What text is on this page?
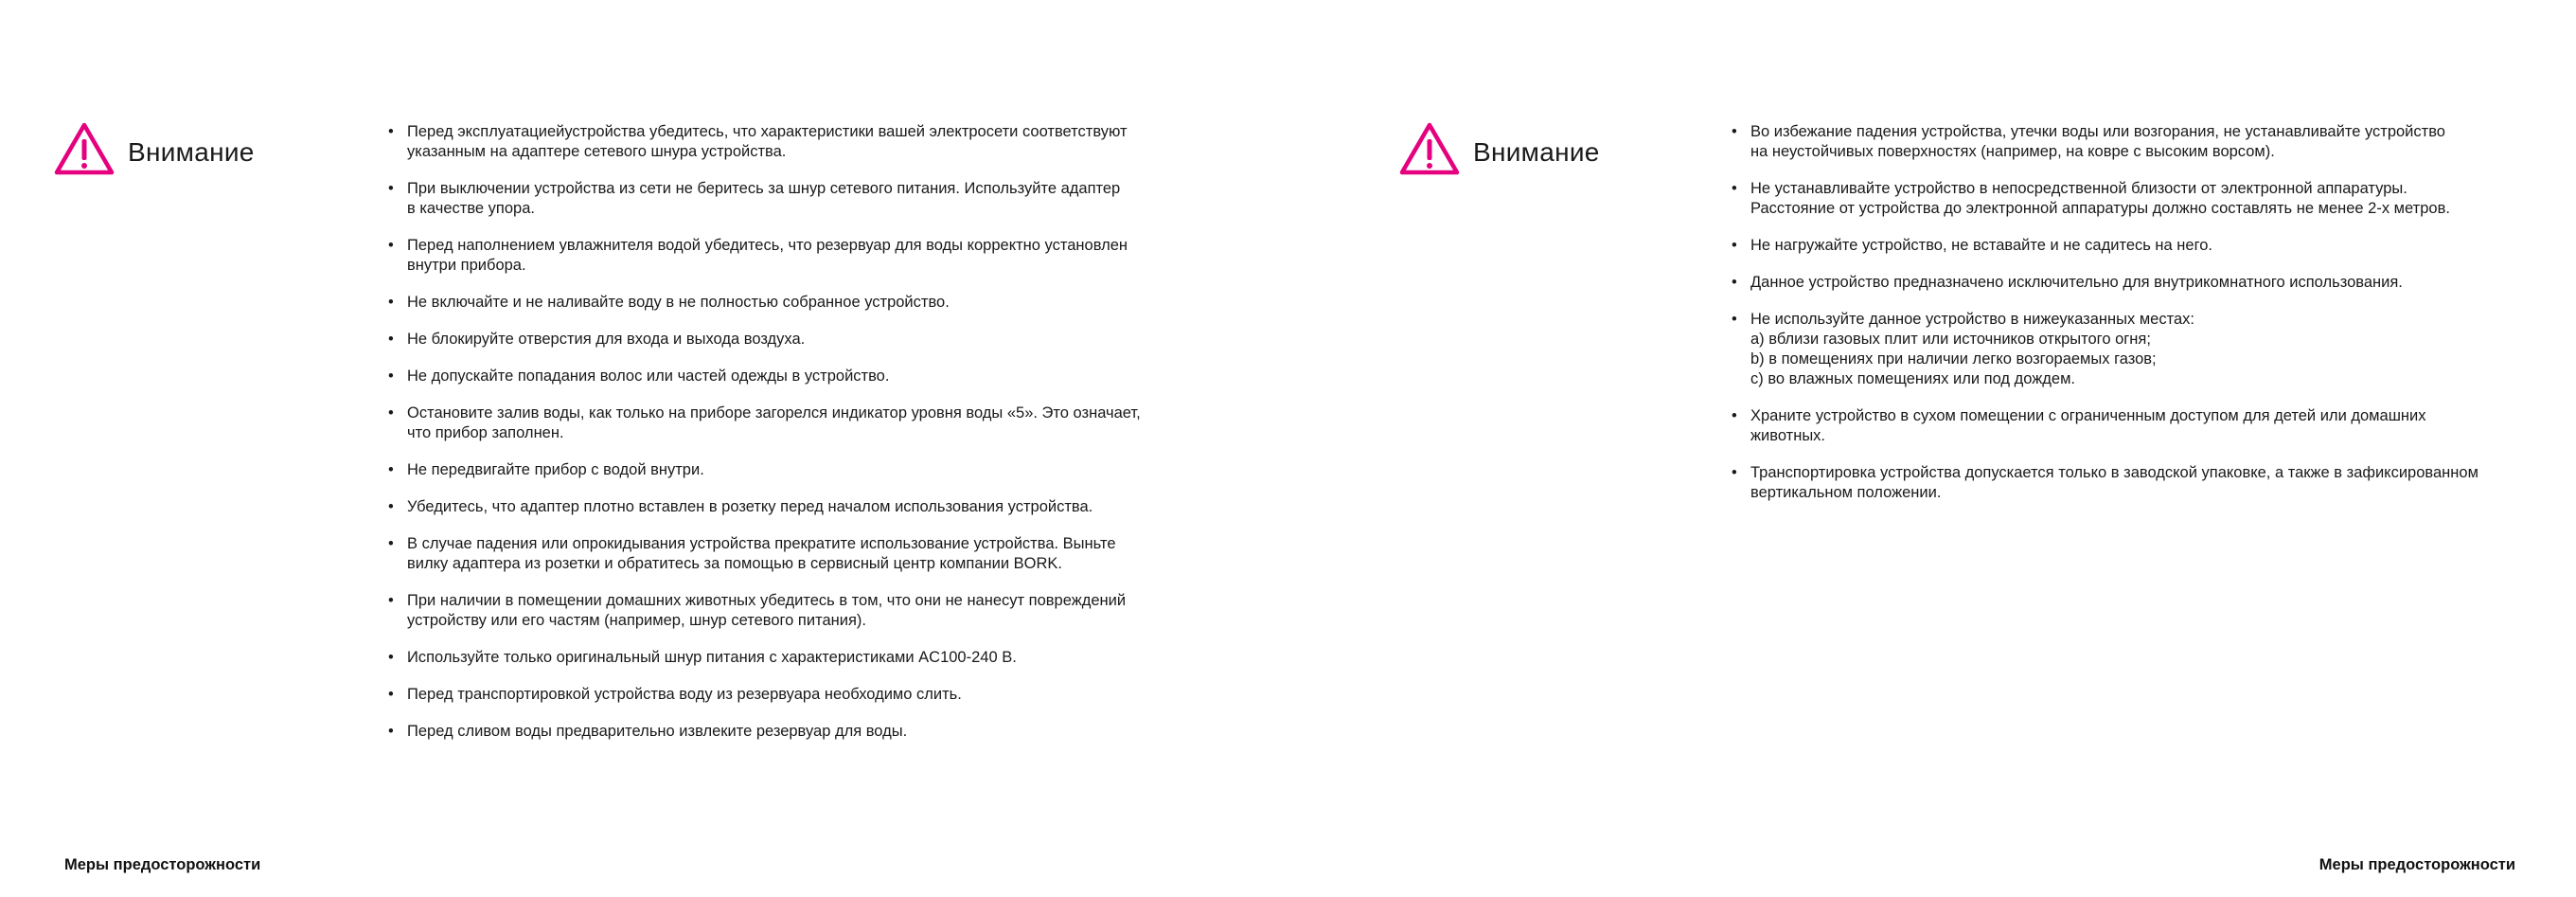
Внимание
• Перед эксплуатациейустройства убедитесь, что характеристики вашей электросети соответствуют
указанным на адаптере сетевого шнура устройства.
• При выключении устройства из сети не беритесь за шнур сетевого питания. Используйте адаптер
в качестве упора.
• Перед наполнением увлажнителя водой убедитесь, что резервуар для воды корректно установлен
внутри прибора.
• Не включайте и не наливайте воду в не полностью собранное устройство.
• Не блокируйте отверстия для входа и выхода воздуха.
• Не допускайте попадания волос или частей одежды в устройство.
• Остановите залив воды, как только на приборе загорелся индикатор уровня воды «5». Это означает,
что прибор заполнен.
• Не передвигайте прибор с водой внутри.
• Убедитесь, что адаптер плотно вставлен в розетку перед началом использования устройства.
• В случае падения или опрокидывания устройства прекратите использование устройства. Выньте
вилку адаптера из розетки и обратитесь за помощью в сервисный центр компании BORK.
• При наличии в помещении домашних животных убедитесь в том, что они не нанесут повреждений
устройству или его частям (например, шнур сетевого питания).
• Используйте только оригинальный шнур питания с характеристиками AC100-240 В.
• Перед транспортировкой устройства воду из резервуара необходимо слить.
• Перед сливом воды предварительно извлеките резервуар для воды.
Меры предосторожности
Внимание
• Во избежание падения устройства, утечки воды или возгорания, не устанавливайте устройство
на неустойчивых поверхностях (например, на ковре с высоким ворсом).
• Не устанавливайте устройство в непосредственной близости от электронной аппаратуры.
Расстояние от устройства до электронной аппаратуры должно составлять не менее 2-х метров.
• Не нагружайте устройство, не вставайте и не садитесь на него.
• Данное устройство предназначено исключительно для внутрикомнатного использования.
• Не используйте данное устройство в нижеуказанных местах:
a) вблизи газовых плит или источников открытого огня;
b) в помещениях при наличии легко возгораемых газов;
c) во влажных помещениях или под дождем.
• Храните устройство в сухом помещении с ограниченным доступом для детей или домашних
животных.
• Транспортировка устройства допускается только в заводской упаковке, а также в зафиксированном
вертикальном положении.
Меры предосторожности
